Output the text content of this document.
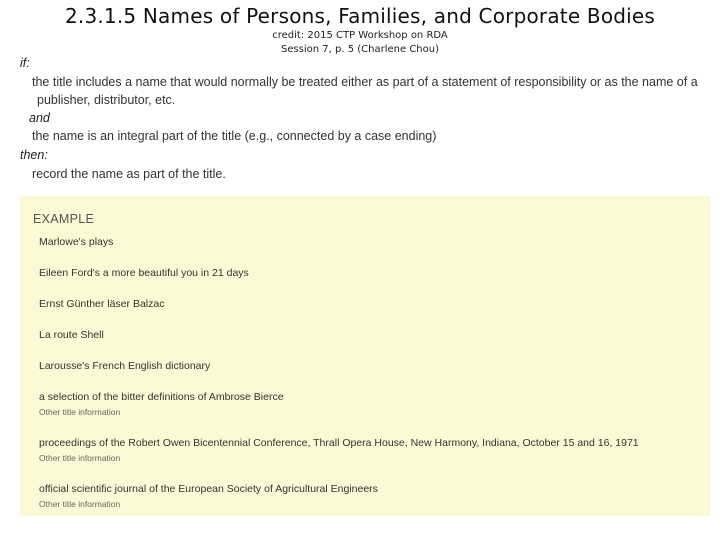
2.3.1.5 Names of Persons, Families, and Corporate Bodies
credit: 2015 CTP Workshop on RDA
Session 7, p. 5 (Charlene Chou)
if:
the title includes a name that would normally be treated either as part of a statement of responsibility or as the name of a
publisher, distributor, etc.
and
the name is an integral part of the title (e.g., connected by a case ending)
then:
record the name as part of the title.
EXAMPLE
Marlowe's plays
Eileen Ford's a more beautiful you in 21 days
Ernst Günther läser Balzac
La route Shell
Larousse's French English dictionary
a selection of the bitter definitions of Ambrose Bierce
Other title information
proceedings of the Robert Owen Bicentennial Conference, Thrall Opera House, New Harmony, Indiana, October 15 and 16, 1971
Other title information
official scientific journal of the European Society of Agricultural Engineers
Other title information
